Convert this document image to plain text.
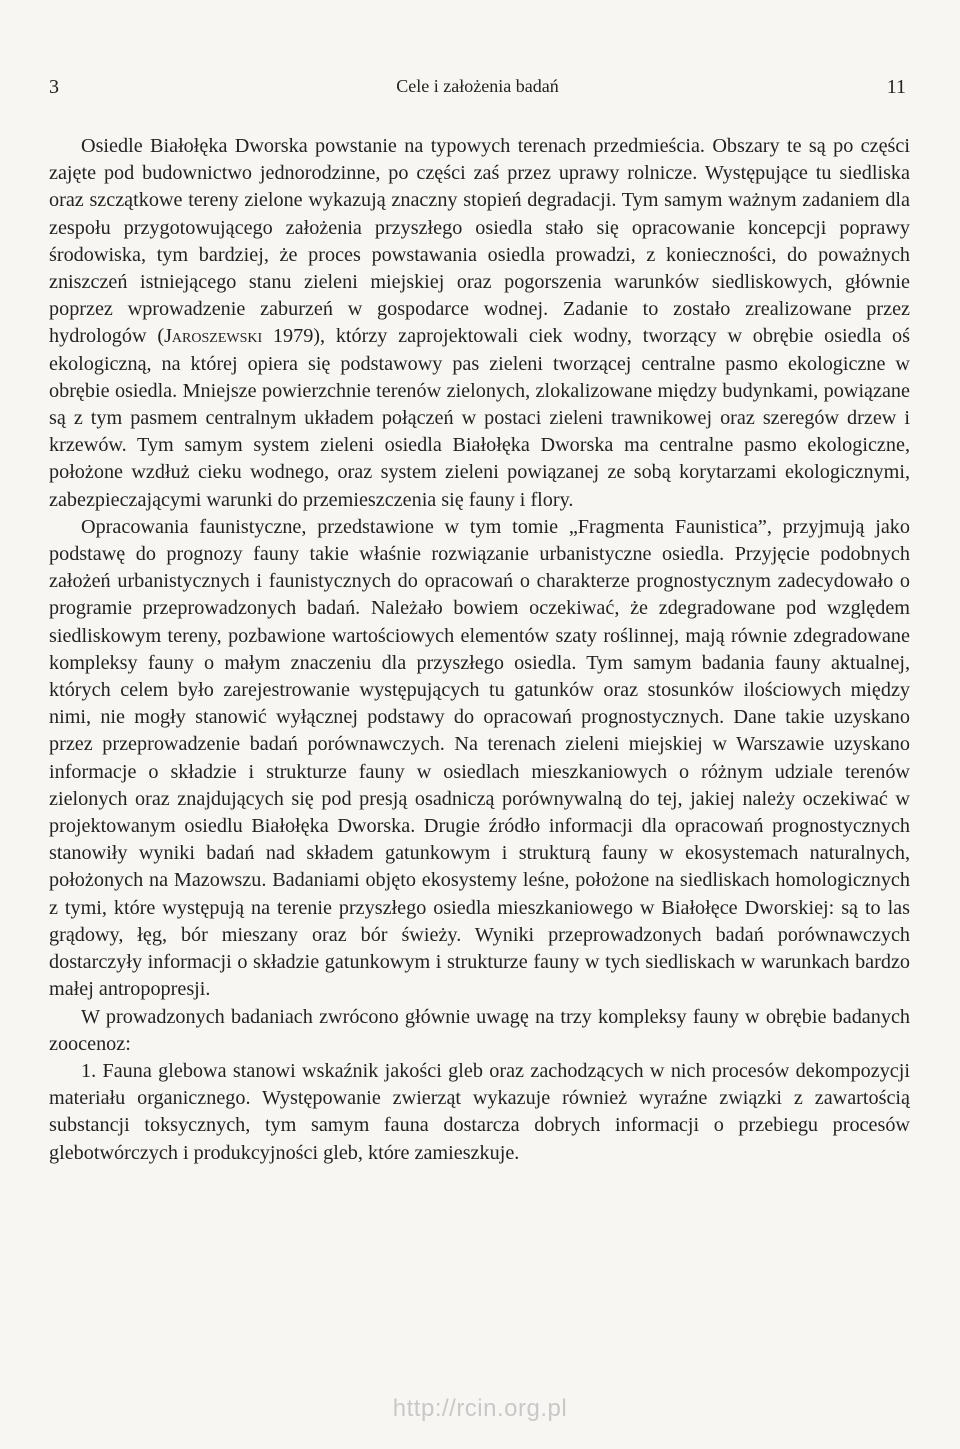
3	Cele i założenia badań	11

Osiedle Białołęka Dworska powstanie na typowych terenach przedmieścia. Obszary te są po części zajęte pod budownictwo jednorodzinne, po części zaś przez uprawy rolnicze. Występujące tu siedliska oraz szczątkowe tereny zielone wykazują znaczny stopień degradacji. Tym samym ważnym zadaniem dla zespołu przygotowującego założenia przyszłego osiedla stało się opracowanie koncepcji poprawy środowiska, tym bardziej, że proces powstawania osiedla prowadzi, z konieczności, do poważnych zniszczeń istniejącego stanu zieleni miejskiej oraz pogorszenia warunków siedliskowych, głównie poprzez wprowadzenie zaburzeń w gospodarce wodnej. Zadanie to zostało zrealizowane przez hydrologów (Jaroszewski 1979), którzy zaprojektowali ciek wodny, tworzący w obrębie osiedla oś ekologiczną, na której opiera się podstawowy pas zieleni tworzącej centralne pasmo ekologiczne w obrębie osiedla. Mniejsze powierzchnie terenów zielonych, zlokalizowane między budynkami, powiązane są z tym pasmem centralnym układem połączeń w postaci zieleni trawnikowej oraz szeregów drzew i krzewów. Tym samym system zieleni osiedla Białołęka Dworska ma centralne pasmo ekologiczne, położone wzdłuż cieku wodnego, oraz system zieleni powiązanej ze sobą korytarzami ekologicznymi, zabezpieczającymi warunki do przemieszczenia się fauny i flory.

Opracowania faunistyczne, przedstawione w tym tomie „Fragmenta Faunistica”, przyjmują jako podstawę do prognozy fauny takie właśnie rozwiązanie urbanistyczne osiedla. Przyjęcie podobnych założeń urbanistycznych i faunistycznych do opracowań o charakterze prognostycznym zadecydowało o programie przeprowadzonych badań. Należało bowiem oczekiwać, że zdegradowane pod względem siedliskowym tereny, pozbawione wartościowych elementów szaty roślinnej, mają równie zdegradowane kompleksy fauny o małym znaczeniu dla przyszłego osiedla. Tym samym badania fauny aktualnej, których celem było zarejestrowanie występujących tu gatunków oraz stosunków ilościowych między nimi, nie mogły stanowić wyłącznej podstawy do opracowań prognostycznych. Dane takie uzyskano przez przeprowadzenie badań porównawczych. Na terenach zieleni miejskiej w Warszawie uzyskano informacje o składzie i strukturze fauny w osiedlach mieszkaniowych o różnym udziale terenów zielonych oraz znajdujących się pod presją osadniczą porównywalną do tej, jakiej należy oczekiwać w projektowanym osiedlu Białołęka Dworska. Drugie źródło informacji dla opracowań prognostycznych stanowiły wyniki badań nad składem gatunkowym i strukturą fauny w ekosystemach naturalnych, położonych na Mazowszu. Badaniami objęto ekosystemy leśne, położone na siedliskach homologicznych z tymi, które występują na terenie przyszłego osiedla mieszkaniowego w Białołęce Dworskiej: są to las grądowy, łęg, bór mieszany oraz bór świeży. Wyniki przeprowadzonych badań porównawczych dostarczyły informacji o składzie gatunkowym i strukturze fauny w tych siedliskach w warunkach bardzo małej antropopresji.

W prowadzonych badaniach zwrócono głównie uwagę na trzy kompleksy fauny w obrębie badanych zoocenoz:

1. Fauna glebowa stanowi wskaźnik jakości gleb oraz zachodzących w nich procesów dekompozycji materiału organicznego. Występowanie zwierząt wykazuje również wyraźne związki z zawartością substancji toksycznych, tym samym fauna dostarcza dobrych informacji o przebiegu procesów glebotwórczych i produkcyjności gleb, które zamieszkuje.

http://rcin.org.pl
